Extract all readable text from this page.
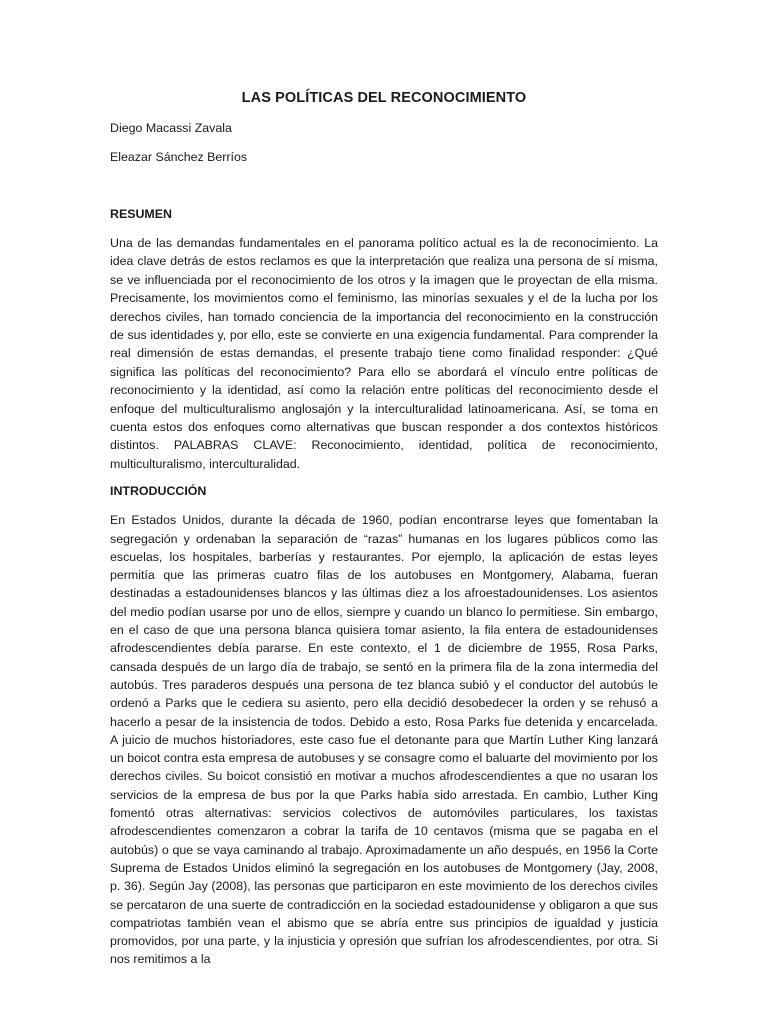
LAS POLÍTICAS DEL RECONOCIMIENTO
Diego Macassi Zavala
Eleazar Sánchez Berríos
RESUMEN
Una de las demandas fundamentales en el panorama político actual es la de reconocimiento. La idea clave detrás de estos reclamos es que la interpretación que realiza una persona de sí misma, se ve influenciada por el reconocimiento de los otros y la imagen que le proyectan de ella misma. Precisamente, los movimientos como el feminismo, las minorías sexuales y el de la lucha por los derechos civiles, han tomado conciencia de la importancia del reconocimiento en la construcción de sus identidades y, por ello, este se convierte en una exigencia fundamental. Para comprender la real dimensión de estas demandas, el presente trabajo tiene como finalidad responder: ¿Qué significa las políticas del reconocimiento? Para ello se abordará el vínculo entre políticas de reconocimiento y la identidad, así como la relación entre políticas del reconocimiento desde el enfoque del multiculturalismo anglosajón y la interculturalidad latinoamericana. Así, se toma en cuenta estos dos enfoques como alternativas que buscan responder a dos contextos históricos distintos. PALABRAS CLAVE: Reconocimiento, identidad, política de reconocimiento, multiculturalismo, interculturalidad.
INTRODUCCIÓN
En Estados Unidos, durante la década de 1960, podían encontrarse leyes que fomentaban la segregación y ordenaban la separación de “razas” humanas en los lugares públicos como las escuelas, los hospitales, barberías y restaurantes. Por ejemplo, la aplicación de estas leyes permitía que las primeras cuatro filas de los autobuses en Montgomery, Alabama, fueran destinadas a estadounidenses blancos y las últimas diez a los afroestadounidenses. Los asientos del medio podían usarse por uno de ellos, siempre y cuando un blanco lo permitiese. Sin embargo, en el caso de que una persona blanca quisiera tomar asiento, la fila entera de estadounidenses afrodescendientes debía pararse. En este contexto, el 1 de diciembre de 1955, Rosa Parks, cansada después de un largo día de trabajo, se sentó en la primera fila de la zona intermedia del autobús. Tres paraderos después una persona de tez blanca subió y el conductor del autobús le ordenó a Parks que le cediera su asiento, pero ella decidió desobedecer la orden y se rehusó a hacerlo a pesar de la insistencia de todos. Debido a esto, Rosa Parks fue detenida y encarcelada. A juicio de muchos historiadores, este caso fue el detonante para que Martín Luther King lanzará un boicot contra esta empresa de autobuses y se consagre como el baluarte del movimiento por los derechos civiles. Su boicot consistió en motivar a muchos afrodescendientes a que no usaran los servicios de la empresa de bus por la que Parks había sido arrestada. En cambio, Luther King fomentó otras alternativas: servicios colectivos de automóviles particulares, los taxistas afrodescendientes comenzaron a cobrar la tarifa de 10 centavos (misma que se pagaba en el autobús) o que se vaya caminando al trabajo. Aproximadamente un año después, en 1956 la Corte Suprema de Estados Unidos eliminó la segregación en los autobuses de Montgomery (Jay, 2008, p. 36). Según Jay (2008), las personas que participaron en este movimiento de los derechos civiles se percataron de una suerte de contradicción en la sociedad estadounidense y obligaron a que sus compatriotas también vean el abismo que se abría entre sus principios de igualdad y justicia promovidos, por una parte, y la injusticia y opresión que sufrían los afrodescendientes, por otra. Si nos remitimos a la
